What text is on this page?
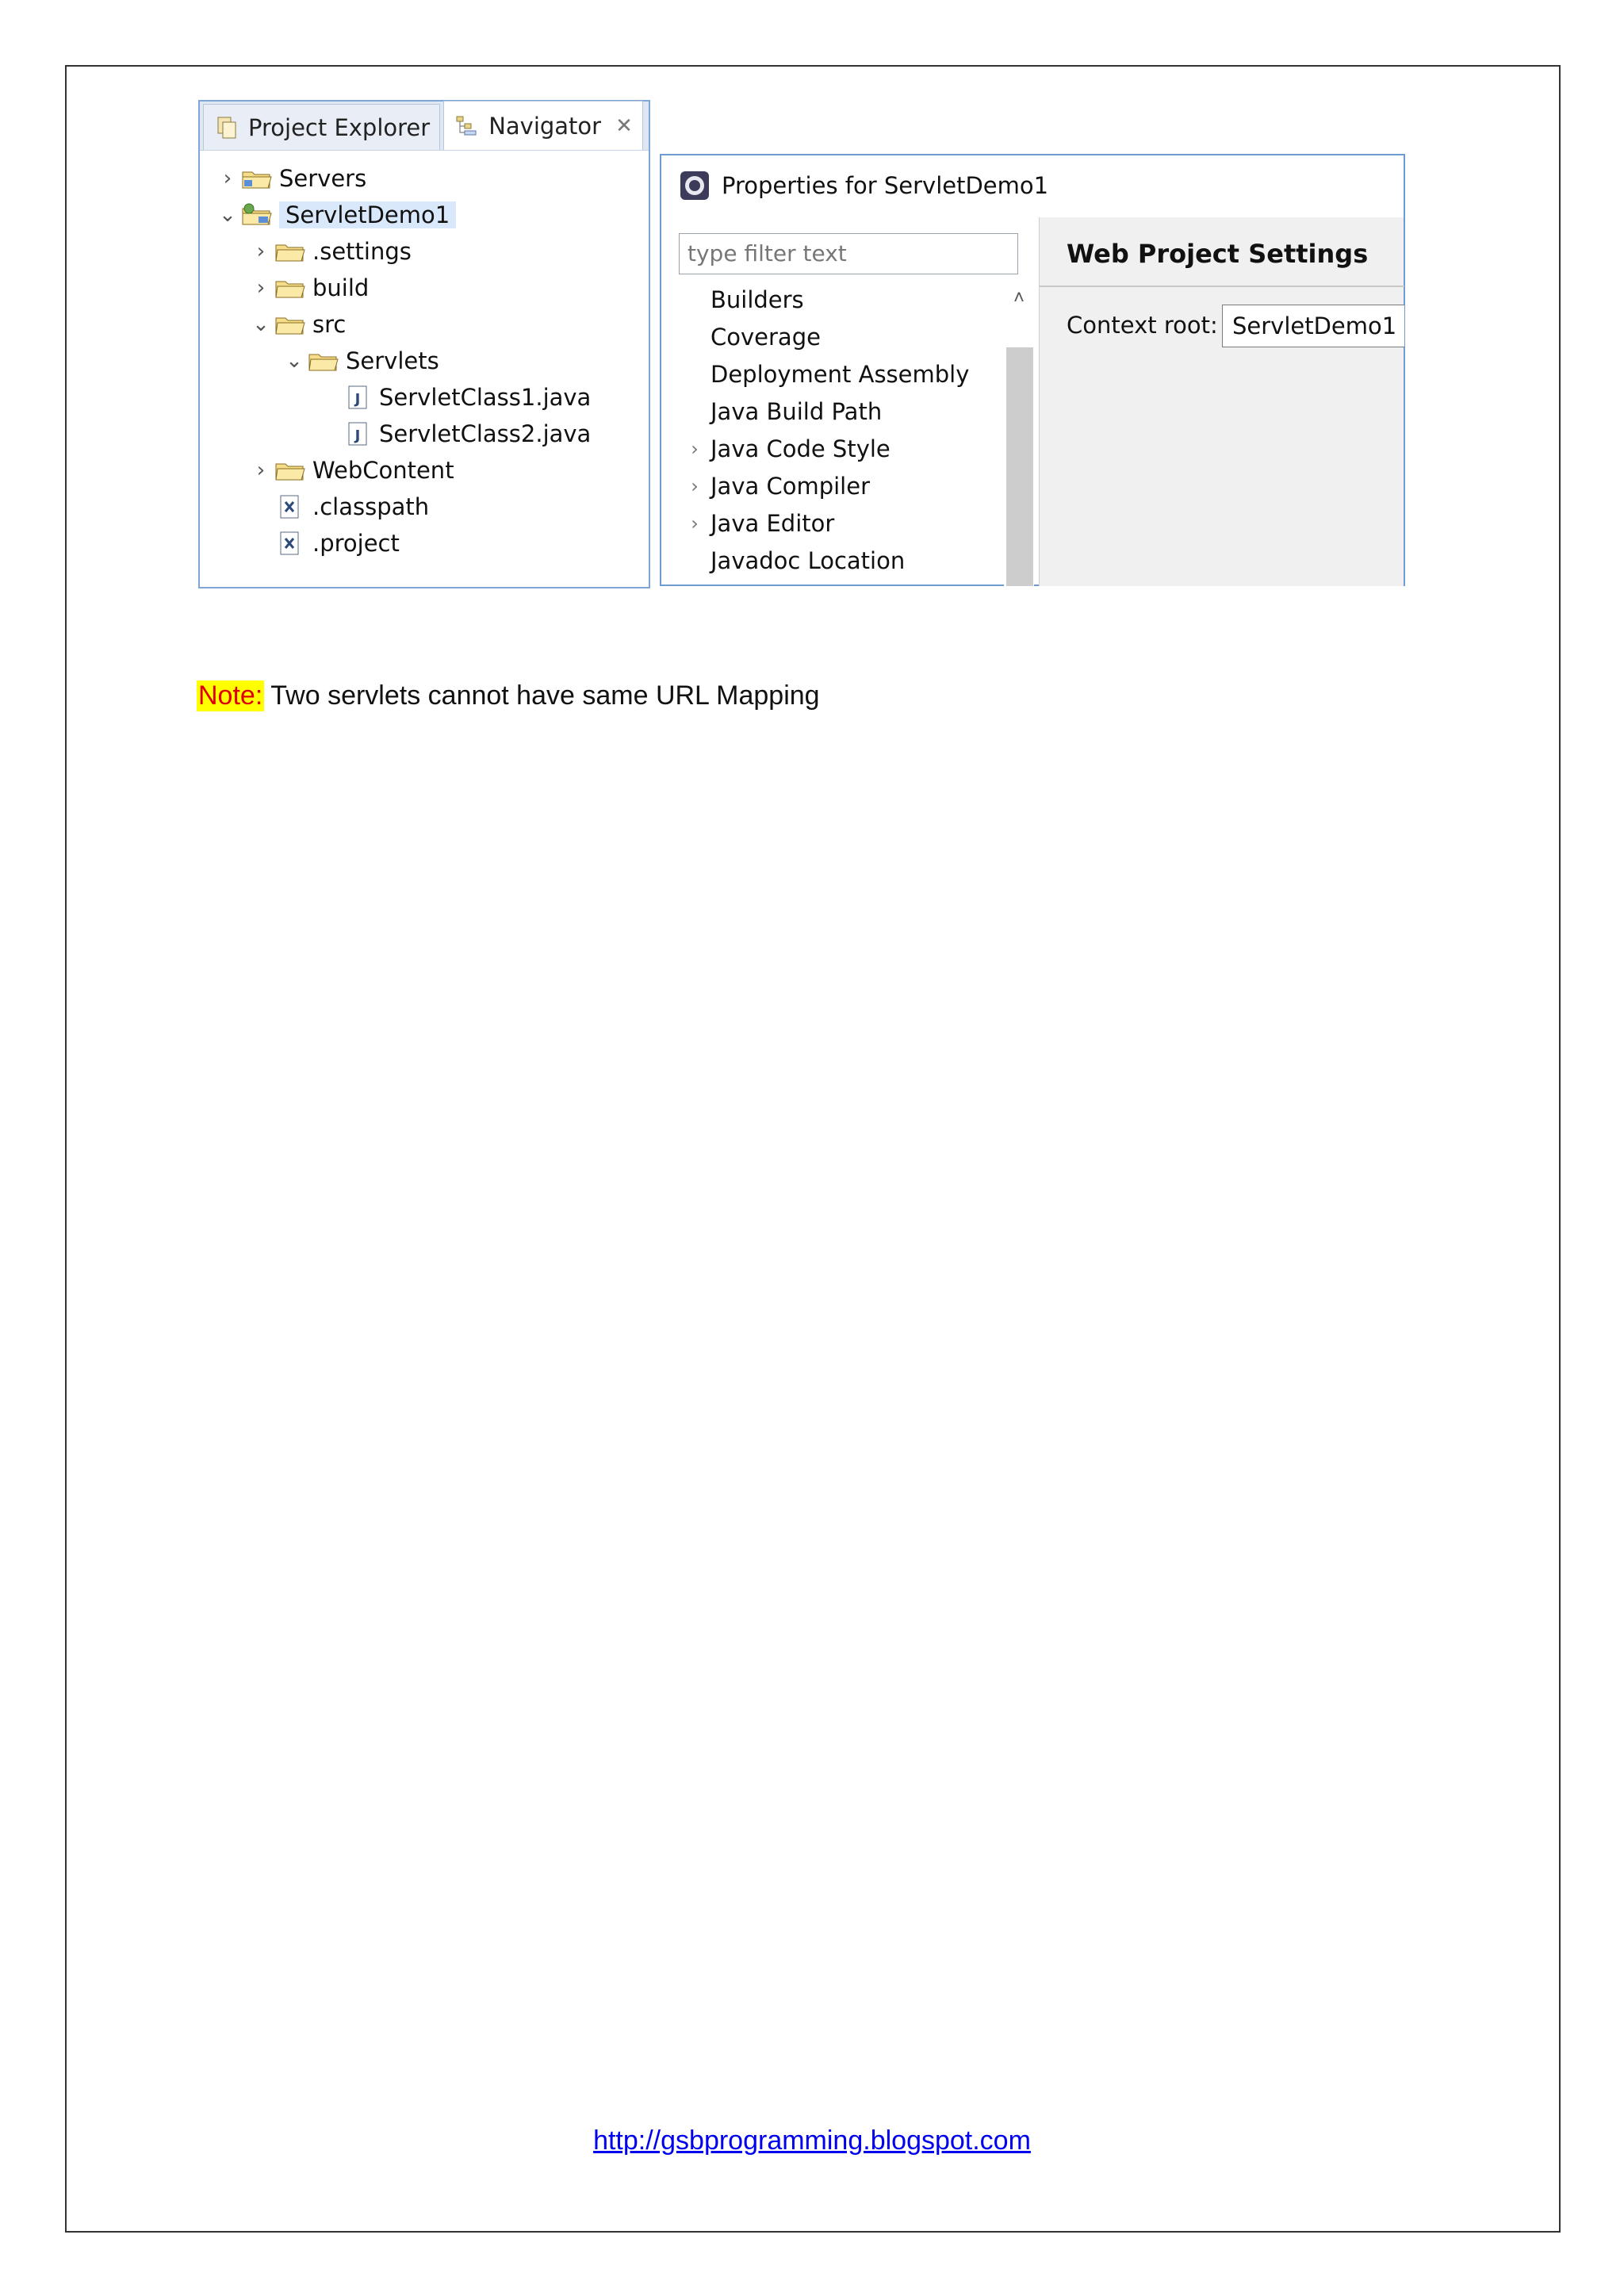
Project Explorer	Navigator ✕
› Servers
⌄ ServletDemo1
› .settings
› build
⌄ src
⌄ Servlets
J ServletClass1.java
J ServletClass2.java
› WebContent
.classpath
.project
Properties for ServletDemo1
type filter text
Builders
Coverage
Deployment Assembly
Java Build Path
› Java Code Style
› Java Compiler
› Java Editor
Javadoc Location
˄
Web Project Settings
Context root: ServletDemo1
Note: Two servlets cannot have same URL Mapping
http://gsbprogramming.blogspot.com
